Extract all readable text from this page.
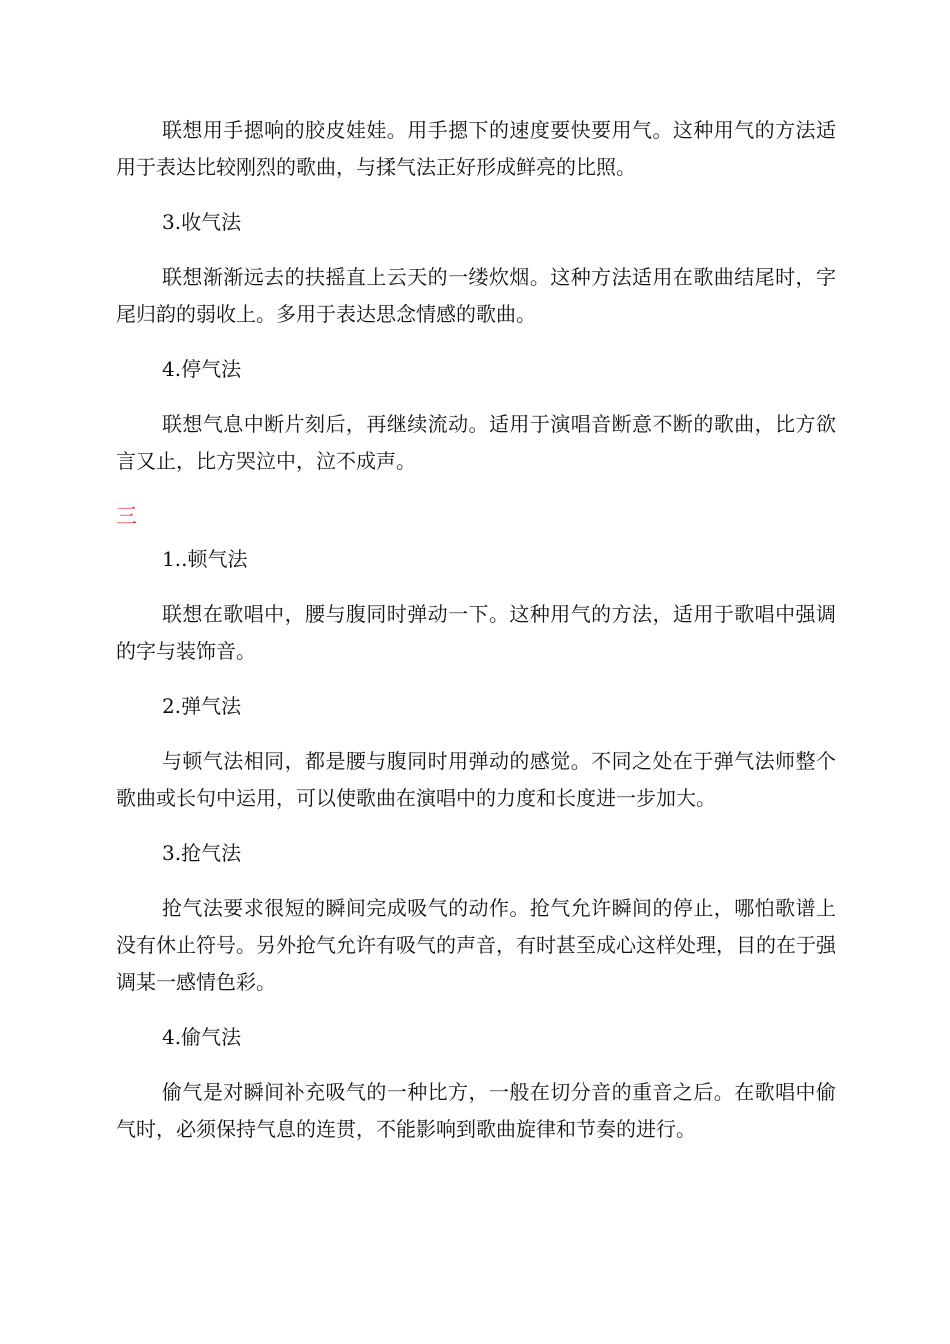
联想用手摁响的胶皮娃娃。用手摁下的速度要快要用气。这种用气的方法适用于表达比较刚烈的歌曲，与揉气法正好形成鲜亮的比照。

3.收气法

联想渐渐远去的扶摇直上云天的一缕炊烟。这种方法适用在歌曲结尾时，字尾归韵的弱收上。多用于表达思念情感的歌曲。

4.停气法

联想气息中断片刻后，再继续流动。适用于演唱音断意不断的歌曲，比方欲言又止，比方哭泣中，泣不成声。

三

1..顿气法

联想在歌唱中，腰与腹同时弹动一下。这种用气的方法，适用于歌唱中强调的字与装饰音。

2.弹气法

与顿气法相同，都是腰与腹同时用弹动的感觉。不同之处在于弹气法师整个歌曲或长句中运用，可以使歌曲在演唱中的力度和长度进一步加大。

3.抢气法

抢气法要求很短的瞬间完成吸气的动作。抢气允许瞬间的停止，哪怕歌谱上没有休止符号。另外抢气允许有吸气的声音，有时甚至成心这样处理，目的在于强调某一感情色彩。

4.偷气法

偷气是对瞬间补充吸气的一种比方，一般在切分音的重音之后。在歌唱中偷气时，必须保持气息的连贯，不能影响到歌曲旋律和节奏的进行。
